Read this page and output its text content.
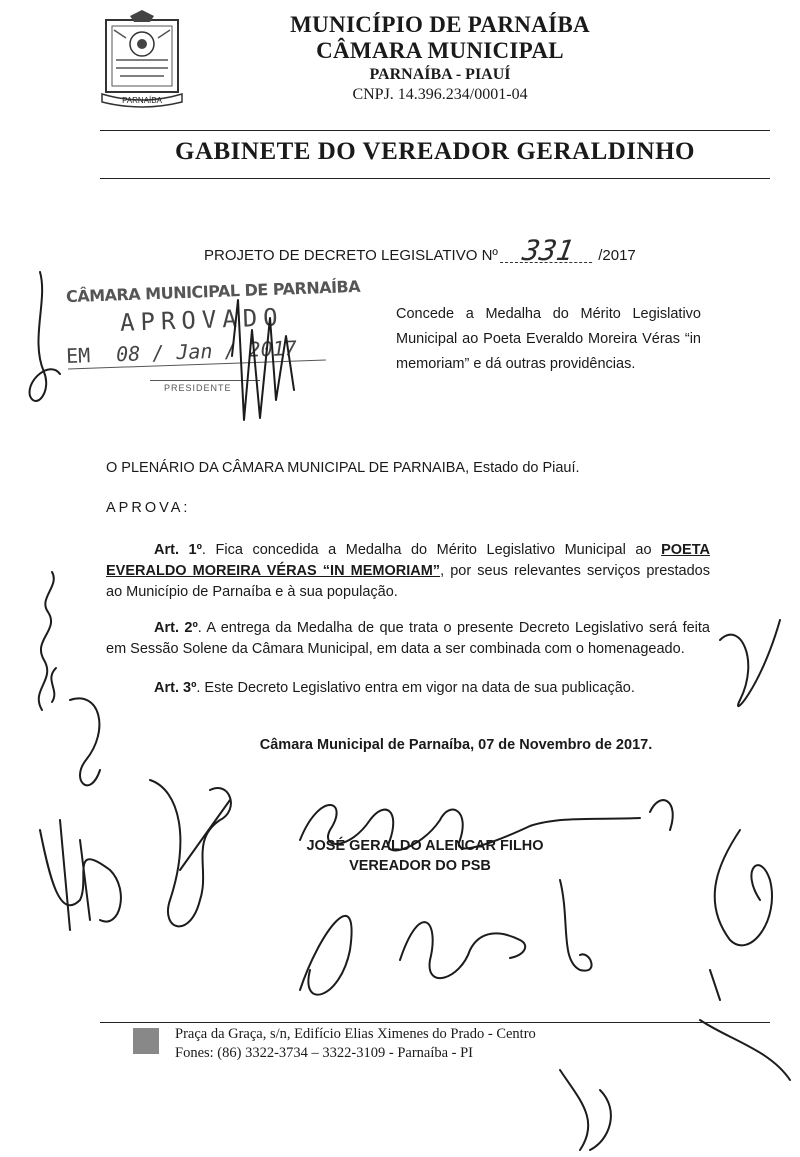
PARNAÍBA
MUNICÍPIO DE PARNAÍBA
CÂMARA MUNICIPAL
PARNAÍBA - PIAUÍ
CNPJ. 14.396.234/0001-04
GABINETE DO VEREADOR GERALDINHO
PROJETO DE DECRETO LEGISLATIVO Nº 331 /2017
CÂMARA MUNICIPAL DE PARNAÍBA
APROVADO
EM 08 / Jan / 2017
PRESIDENTE
Concede a Medalha do Mérito Legislativo Municipal ao Poeta Everaldo Moreira Véras “in memoriam” e dá outras providências.
O PLENÁRIO DA CÂMARA MUNICIPAL DE PARNAIBA, Estado do Piauí.
APROVA:
Art. 1º. Fica concedida a Medalha do Mérito Legislativo Municipal ao POETA EVERALDO MOREIRA VÉRAS “IN MEMORIAM”, por seus relevantes serviços prestados ao Município de Parnaíba e à sua população.
Art. 2º. A entrega da Medalha de que trata o presente Decreto Legislativo será feita em Sessão Solene da Câmara Municipal, em data a ser combinada com o homenageado.
Art. 3º. Este Decreto Legislativo entra em vigor na data de sua publicação.
Câmara Municipal de Parnaíba, 07 de Novembro de 2017.
JOSÉ GERALDO ALENCAR FILHO
VEREADOR DO PSB
Praça da Graça, s/n, Edifício Elias Ximenes do Prado - Centro
Fones: (86) 3322-3734 – 3322-3109 - Parnaíba - PI
